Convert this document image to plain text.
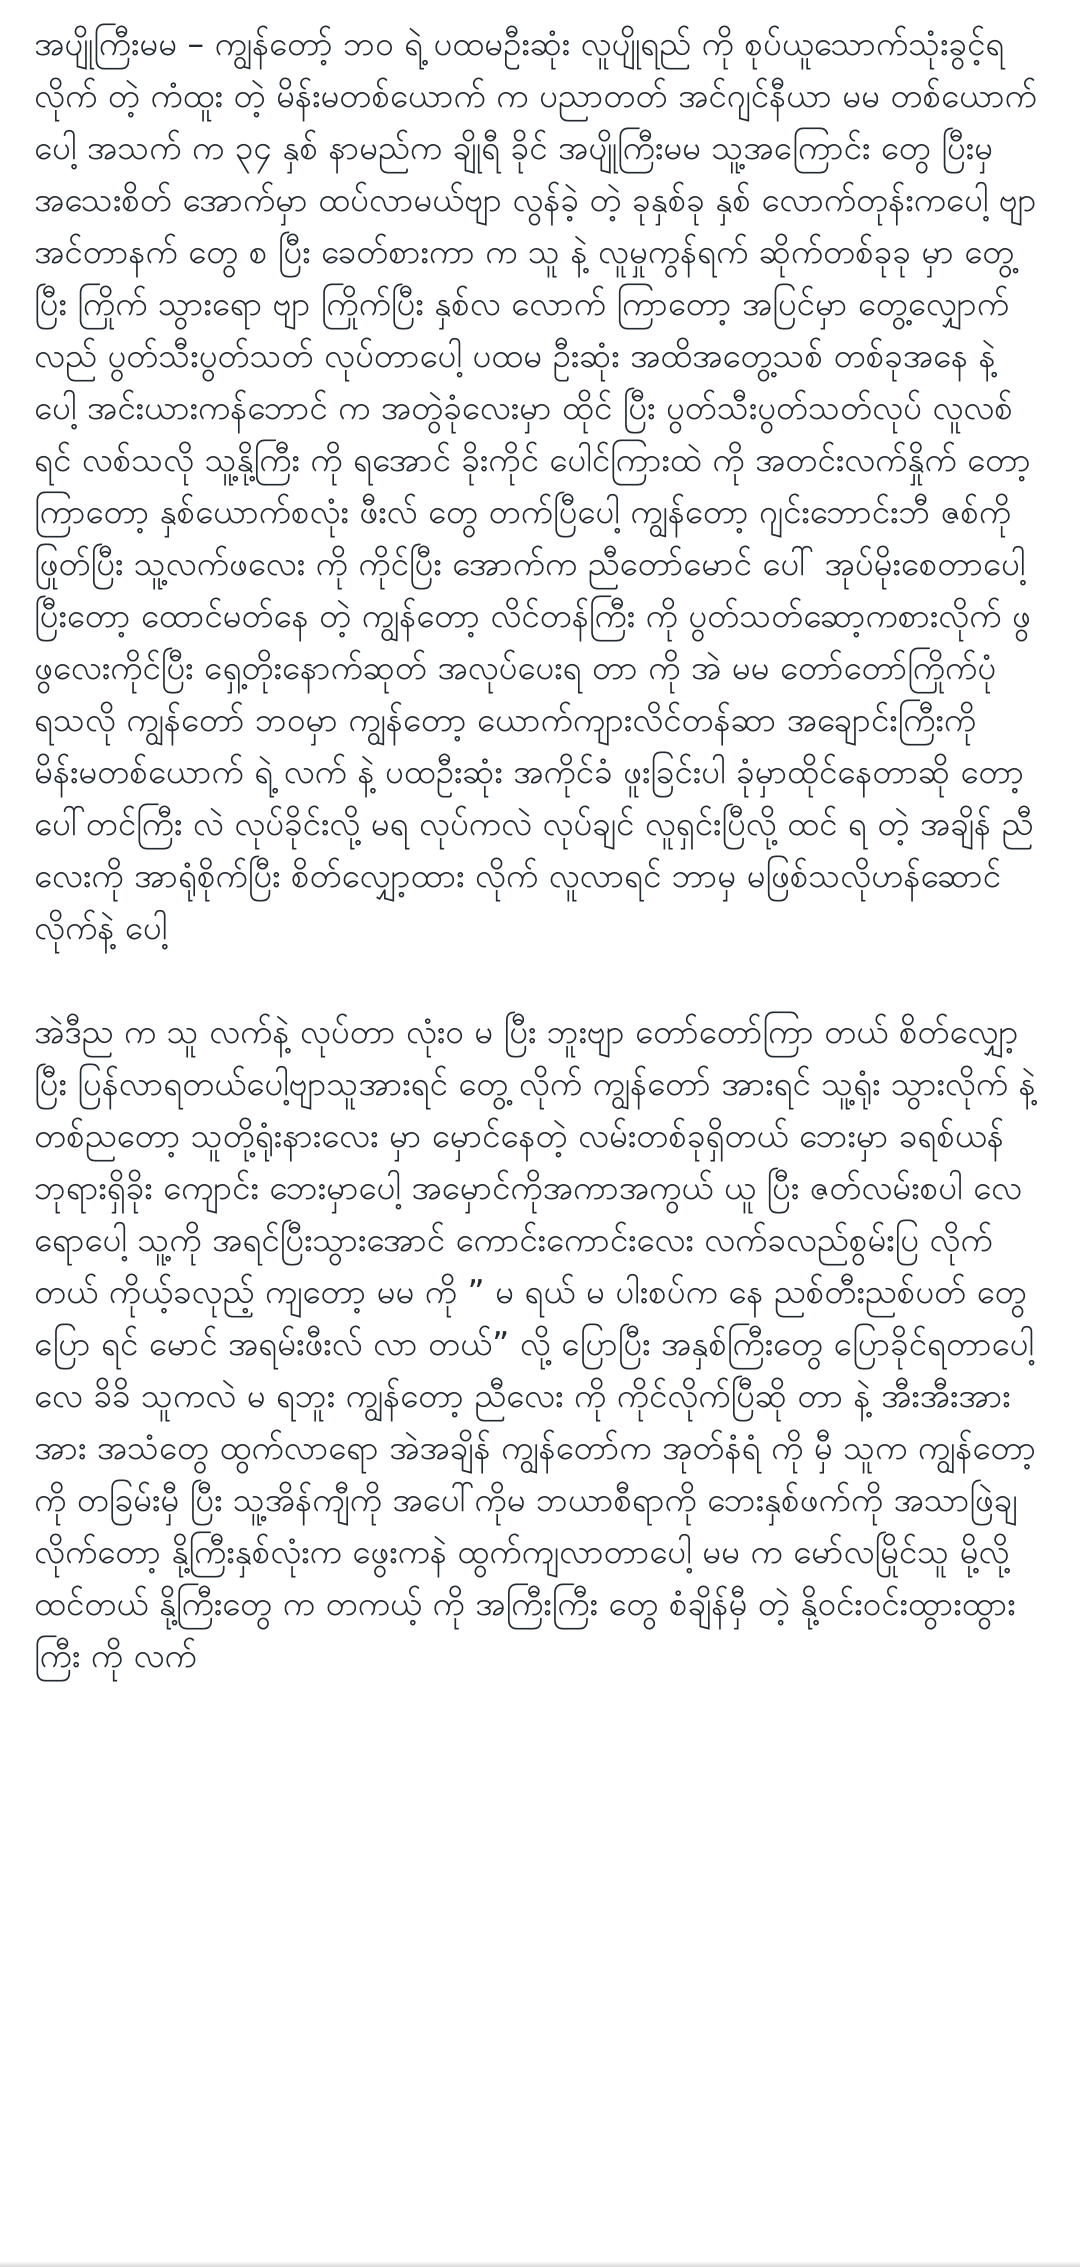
အပျိုကြီးမမ – ကျွန်တော့် ဘ၀ ရဲ့ ပထမဦးဆုံး လူပျိုရည် ကို စုပ်ယူသောက်သုံးခွင့်ရလိုက် တဲ့ ကံထူး တဲ့ မိန်းမတစ်ယောက် က ပညာတတ် အင်ဂျင်နီယာ မမ တစ်ယောက်ပေါ့ အသက် က ၃၄ နှစ် နာမည်က ချိုရီ ခိုင် အပျိုကြီးမမ သူ့အကြောင်း တွေ ပြီးမှ အသေးစိတ် အောက်မှာ ထပ်လာမယ်ဗျာ လွန်ခဲ့ တဲ့ ခုနှစ်ခု နှစ် လောက်တုန်းကပေါ့ ဗျာ အင်တာနက် တွေ စ ပြီး ခေတ်စားကာ က သူ နဲ့ လူမှုကွန်ရက် ဆိုက်တစ်ခုခု မှာ တွေ့ ပြီး ကြိုက် သွားရော ဗျာ ကြိုက်ပြီး နှစ်လ လောက် ကြာတော့ အပြင်မှာ တွေ့လျှောက်လည် ပွတ်သီးပွတ်သတ် လုပ်တာပေါ့ ပထမ ဦးဆုံး အထိအတွေ့သစ် တစ်ခုအနေ နဲ့ ပေါ့ အင်းယားကန်ဘောင် က အတွဲခုံလေးမှာ ထိုင် ပြီး ပွတ်သီးပွတ်သတ်လုပ် လူလစ်ရင် လစ်သလို သူ့နို့ကြီး ကို ရအောင် ခိုးကိုင် ပေါင်ကြားထဲ ကို အတင်းလက်နှိုက် တော့ ကြာတော့ နှစ်ယောက်စလုံး ဖီးလ် တွေ တက်ပြီပေါ့ ကျွန်တော့ ဂျင်းဘောင်းဘီ ဇစ်ကိုဖြုတ်ပြီး သူ့လက်ဖလေး ကို ကိုင်ပြီး အောက်က ညီတော်မောင် ပေါ် အုပ်မိုးစေတာပေါ့ ပြီးတော့ ထောင်မတ်နေ တဲ့ ကျွန်တော့ လိင်တန်ကြီး ကို ပွတ်သတ်ဆော့ကစားလိုက် ဖွဖွလေးကိုင်ပြီး ရှေ့တိုးနောက်ဆုတ် အလုပ်ပေးရ တာ ကို အဲ မမ တော်တော်ကြိုက်ပုံ ရသလို ကျွန်တော် ဘ၀မှာ ကျွန်တော့ ယောက်ကျားလိင်တန်ဆာ အချောင်းကြီးကို မိန်းမတစ်ယောက် ရဲ့ လက် နဲ့ ပထဦးဆုံး အကိုင်ခံ ဖူးခြင်းပါ ခုံမှာထိုင်နေတာဆို တော့ ပေါ်တင်ကြီး လဲ လုပ်ခိုင်းလို့ မရ လုပ်ကလဲ လုပ်ချင် လူရှင်းပြီလို့ ထင် ရ တဲ့ အချိန် ညီလေးကို အာရုံစိုက်ပြီး စိတ်လျှော့ထား လိုက် လူလာရင် ဘာမှ မဖြစ်သလိုဟန်ဆောင်လိုက်နဲ့ ပေါ့

အဲဒီည က သူ လက်နဲ့ လုပ်တာ လုံး၀ မ ပြီး ဘူးဗျာ တော်တော်ကြာ တယ် စိတ်လျှော့ပြီး ပြန်လာရတယ်ပေါ့ဗျာသူအားရင် တွေ့ လိုက် ကျွန်တော် အားရင် သူ့ရုံး သွားလိုက် နဲ့ တစ်ညတော့ သူတို့ရုံးနားလေး မှာ မှောင်နေတဲ့ လမ်းတစ်ခုရှိတယ် ဘေးမှာ ခရစ်ယန် ဘုရားရှိခိုး ကျောင်း ဘေးမှာပေါ့ အမှောင်ကိုအကာအကွယ် ယူ ပြီး ဇတ်လမ်းစပါ လေ ရောပေါ့ သူ့ကို အရင်ပြီးသွားအောင် ကောင်းကောင်းလေး လက်ခလည်စွမ်းပြ လိုက်တယ် ကိုယ့်ခလုည့် ကျတော့ မမ ကို ” မ ရယ် မ ပါးစပ်က နေ ညစ်တီးညစ်ပတ် တွေ ပြော ရင် မောင် အရမ်းဖီးလ် လာ တယ်” လို့ ပြောပြီး အနှစ်ကြီးတွေ ပြောခိုင်ရတာပေါ့လေ ခိခိ သူကလဲ မ ရဘူး ကျွန်တော့ ညီလေး ကို ကိုင်လိုက်ပြီဆို တာ နဲ့ အီးအီးအားအား အသံတွေ ထွက်လာရော အဲအချိန် ကျွန်တော်က အုတ်နံရံ ကို မှီ သူက ကျွန်တော့ကို တခြမ်းမှီ ပြီး သူ့အိန်ကျီကို အပေါ်ကိုမ ဘယာစီရာကို ဘေးနှစ်ဖက်ကို အသာဖြဲချလိုက်တော့ နို့ကြီးနှစ်လုံးက ဖွေးကနဲ ထွက်ကျလာတာပေါ့ မမ က မော်လမြိုင်သူ မို့လို့ ထင်တယ် နို့ကြီးတွေ က တကယ့် ကို အကြီးကြီး တွေ စံချိန်မှီ တဲ့ နို့ဝင်းဝင်းထွားထွားကြီး ကို လက်
